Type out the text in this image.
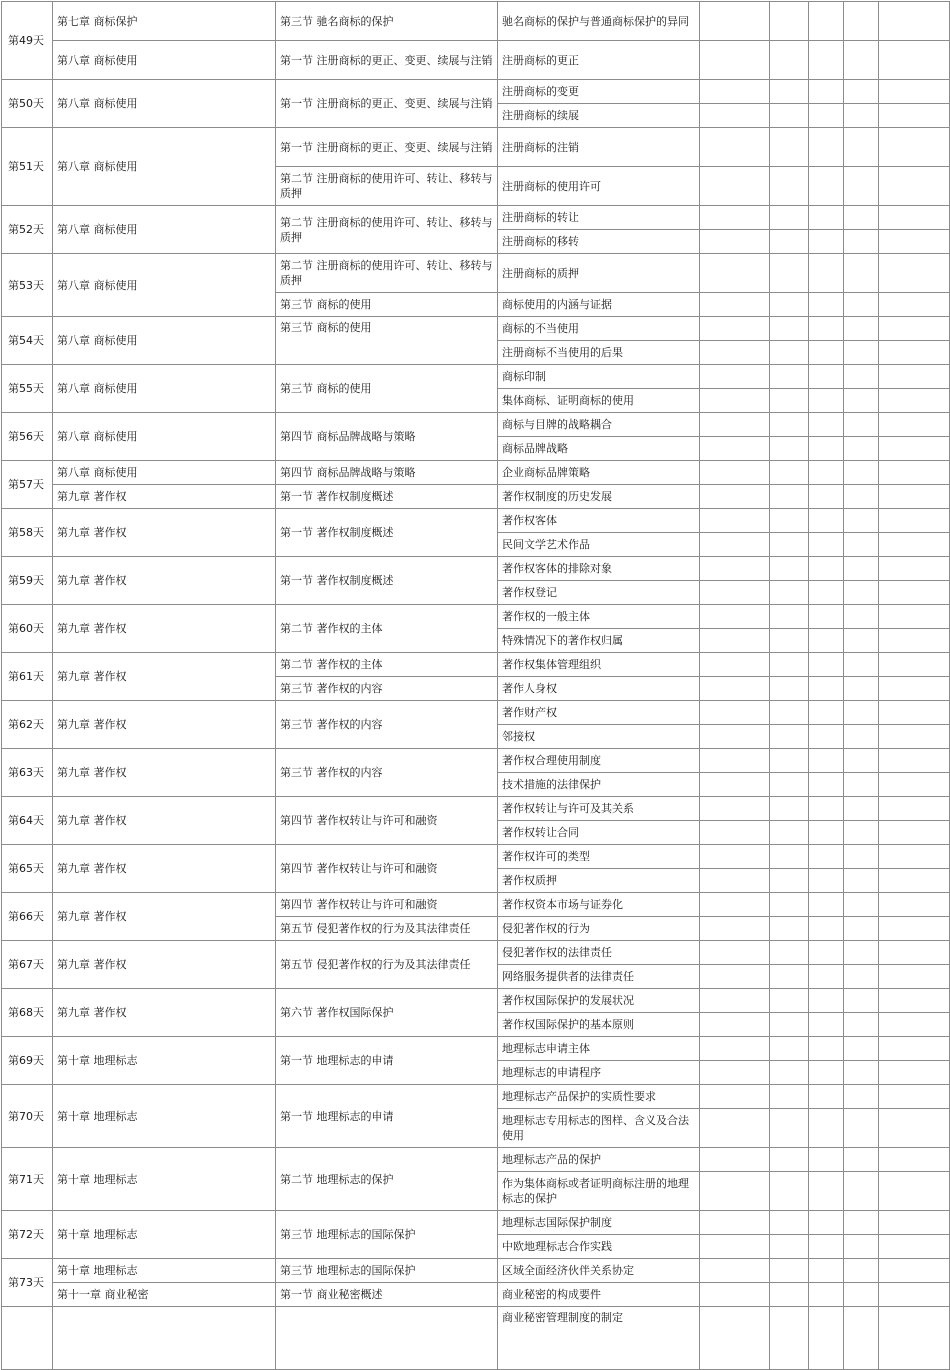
第49天	第七章 商标保护	第三节 驰名商标的保护	驰名商标的保护与普通商标保护的异同					
	第八章 商标使用	第一节 注册商标的更正、变更、续展与注销	注册商标的更正					
第50天	第八章 商标使用	第一节 注册商标的更正、变更、续展与注销	注册商标的变更					
			注册商标的续展					
第51天	第八章 商标使用	第一节 注册商标的更正、变更、续展与注销	注册商标的注销					
		第二节 注册商标的使用许可、转让、移转与质押	注册商标的使用许可					
第52天	第八章 商标使用	第二节 注册商标的使用许可、转让、移转与质押	注册商标的转让					
			注册商标的移转					
第53天	第八章 商标使用	第二节 注册商标的使用许可、转让、移转与质押	注册商标的质押					
		第三节 商标的使用	商标使用的内涵与证据					
第54天	第八章 商标使用	第三节 商标的使用	商标的不当使用					
			注册商标不当使用的后果					
第55天	第八章 商标使用	第三节 商标的使用	商标印制					
			集体商标、证明商标的使用					
第56天	第八章 商标使用	第四节 商标品牌战略与策略	商标与目牌的战略耦合					
			商标品牌战略					
第57天	第八章 商标使用	第四节 商标品牌战略与策略	企业商标品牌策略					
	第九章 著作权	第一节 著作权制度概述	著作权制度的历史发展					
第58天	第九章 著作权	第一节 著作权制度概述	著作权客体					
			民间文学艺术作品					
第59天	第九章 著作权	第一节 著作权制度概述	著作权客体的排除对象					
			著作权登记					
第60天	第九章 著作权	第二节 著作权的主体	著作权的一般主体					
			特殊情况下的著作权归属					
第61天	第九章 著作权	第二节 著作权的主体	著作权集体管理组织					
		第三节 著作权的内容	著作人身权					
第62天	第九章 著作权	第三节 著作权的内容	著作财产权					
			邻接权					
第63天	第九章 著作权	第三节 著作权的内容	著作权合理使用制度					
			技术措施的法律保护					
第64天	第九章 著作权	第四节 著作权转让与许可和融资	著作权转让与许可及其关系					
			著作权转让合同					
第65天	第九章 著作权	第四节 著作权转让与许可和融资	著作权许可的类型					
			著作权质押					
第66天	第九章 著作权	第四节 著作权转让与许可和融资	著作权资本市场与证券化					
		第五节 侵犯著作权的行为及其法律责任	侵犯著作权的行为					
第67天	第九章 著作权	第五节 侵犯著作权的行为及其法律责任	侵犯著作权的法律责任					
			网络服务提供者的法律责任					
第68天	第九章 著作权	第六节 著作权国际保护	著作权国际保护的发展状况					
			著作权国际保护的基本原则					
第69天	第十章 地理标志	第一节 地理标志的申请	地理标志申请主体					
			地理标志的申请程序					
第70天	第十章 地理标志	第一节 地理标志的申请	地理标志产品保护的实质性要求					
			地理标志专用标志的图样、含义及合法使用					
第71天	第十章 地理标志	第二节 地理标志的保护	地理标志产品的保护					
			作为集体商标或者证明商标注册的地理标志的保护					
第72天	第十章 地理标志	第三节 地理标志的国际保护	地理标志国际保护制度					
			中欧地理标志合作实践					
第73天	第十章 地理标志	第三节 地理标志的国际保护	区域全面经济伙伴关系协定					
	第十一章 商业秘密	第一节 商业秘密概述	商业秘密的构成要件					
			商业秘密管理制度的制定					
